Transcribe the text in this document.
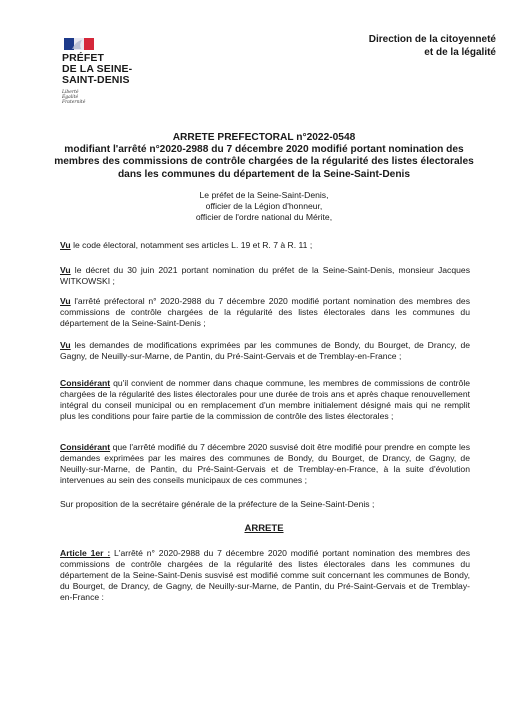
PRÉFET
DE LA SEINE-
SAINT-DENIS
Liberté
Égalité
Fraternité
Direction de la citoyenneté
et de la légalité
ARRETE PREFECTORAL n°2022-0548
modifiant l'arrêté n°2020-2988 du 7 décembre 2020 modifié portant nomination des membres des commissions de contrôle chargées de la régularité des listes électorales dans les communes du département de la Seine-Saint-Denis
Le préfet de la Seine-Saint-Denis,
officier de la Légion d'honneur,
officier de l'ordre national du Mérite,

Vu le code électoral, notamment ses articles L. 19 et R. 7 à R. 11 ;

Vu le décret du 30 juin 2021 portant nomination du préfet de la Seine-Saint-Denis, monsieur Jacques WITKOWSKI ;

Vu l'arrêté préfectoral n° 2020-2988 du 7 décembre 2020 modifié portant nomination des membres des commissions de contrôle chargées de la régularité des listes électorales dans les communes du département de la Seine-Saint-Denis ;

Vu les demandes de modifications exprimées par les communes de Bondy, du Bourget, de Drancy, de Gagny, de Neuilly-sur-Marne, de Pantin, du Pré-Saint-Gervais et de Tremblay-en-France ;

Considérant qu'il convient de nommer dans chaque commune, les membres de commissions de contrôle chargées de la régularité des listes électorales pour une durée de trois ans et après chaque renouvellement intégral du conseil municipal ou en remplacement d'un membre initialement désigné mais qui ne remplit plus les conditions pour faire partie de la commission de contrôle des listes électorales ;

Considérant que l'arrêté modifié du 7 décembre 2020 susvisé doit être modifié pour prendre en compte les demandes exprimées par les maires des communes de Bondy, du Bourget, de Drancy, de Gagny, de Neuilly-sur-Marne, de Pantin, du Pré-Saint-Gervais et de Tremblay-en-France, à la suite d'évolution intervenues au sein des conseils municipaux de ces communes ;

Sur proposition de la secrétaire générale de la préfecture de la Seine-Saint-Denis ;

ARRETE

Article 1er : L'arrêté n° 2020-2988 du 7 décembre 2020 modifié portant nomination des membres des commissions de contrôle chargées de la régularité des listes électorales dans les communes du département de la Seine-Saint-Denis susvisé est modifié comme suit concernant les communes de Bondy, du Bourget, de Drancy, de Gagny, de Neuilly-sur-Marne, de Pantin, du Pré-Saint-Gervais et de Tremblay-en-France :
